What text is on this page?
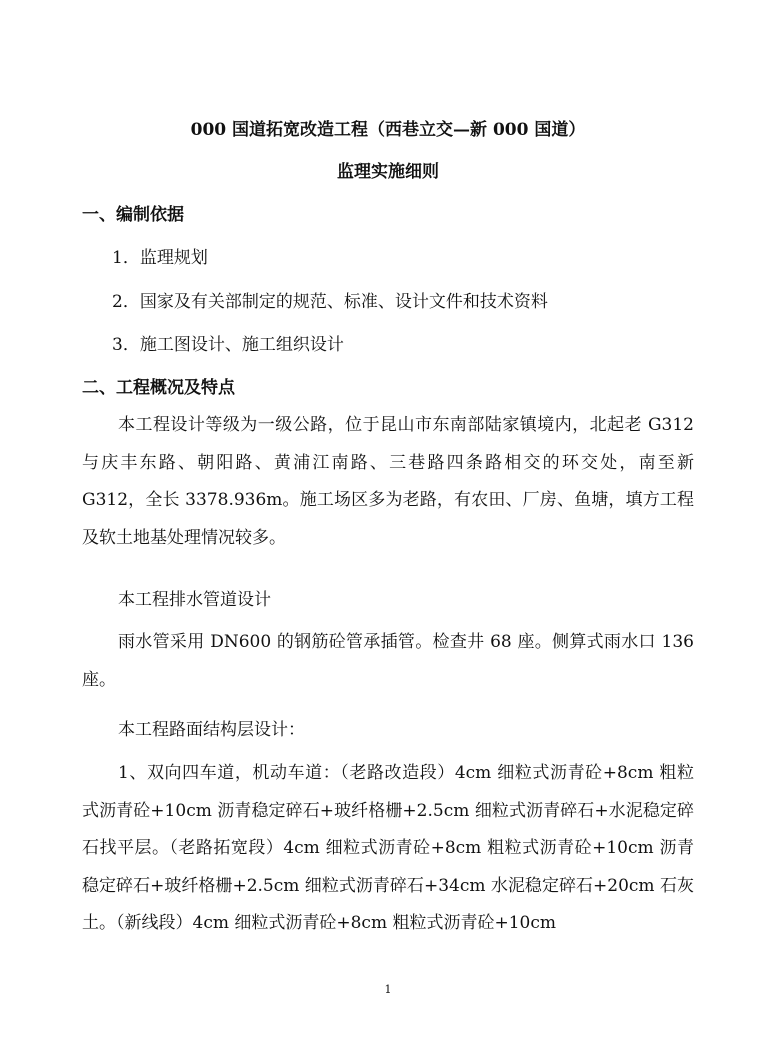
000 国道拓宽改造工程（西巷立交—新 000 国道）
监理实施细则
一、编制依据
1．监理规划
2．国家及有关部制定的规范、标准、设计文件和技术资料
3．施工图设计、施工组织设计
二、工程概况及特点
本工程设计等级为一级公路，位于昆山市东南部陆家镇境内，北起老 G312 与庆丰东路、朝阳路、黄浦江南路、三巷路四条路相交的环交处，南至新 G312，全长 3378.936m。施工场区多为老路，有农田、厂房、鱼塘，填方工程及软土地基处理情况较多。
本工程排水管道设计
雨水管采用 DN600 的钢筋砼管承插管。检查井 68 座。侧算式雨水口 136 座。
本工程路面结构层设计：
1、双向四车道，机动车道：（老路改造段）4cm 细粒式沥青砼+8cm 粗粒式沥青砼+10cm 沥青稳定碎石+玻纤格栅+2.5cm 细粒式沥青碎石+水泥稳定碎石找平层。（老路拓宽段）4cm 细粒式沥青砼+8cm 粗粒式沥青砼+10cm 沥青稳定碎石+玻纤格栅+2.5cm 细粒式沥青碎石+34cm 水泥稳定碎石+20cm 石灰土。（新线段）4cm 细粒式沥青砼+8cm 粗粒式沥青砼+10cm
1
